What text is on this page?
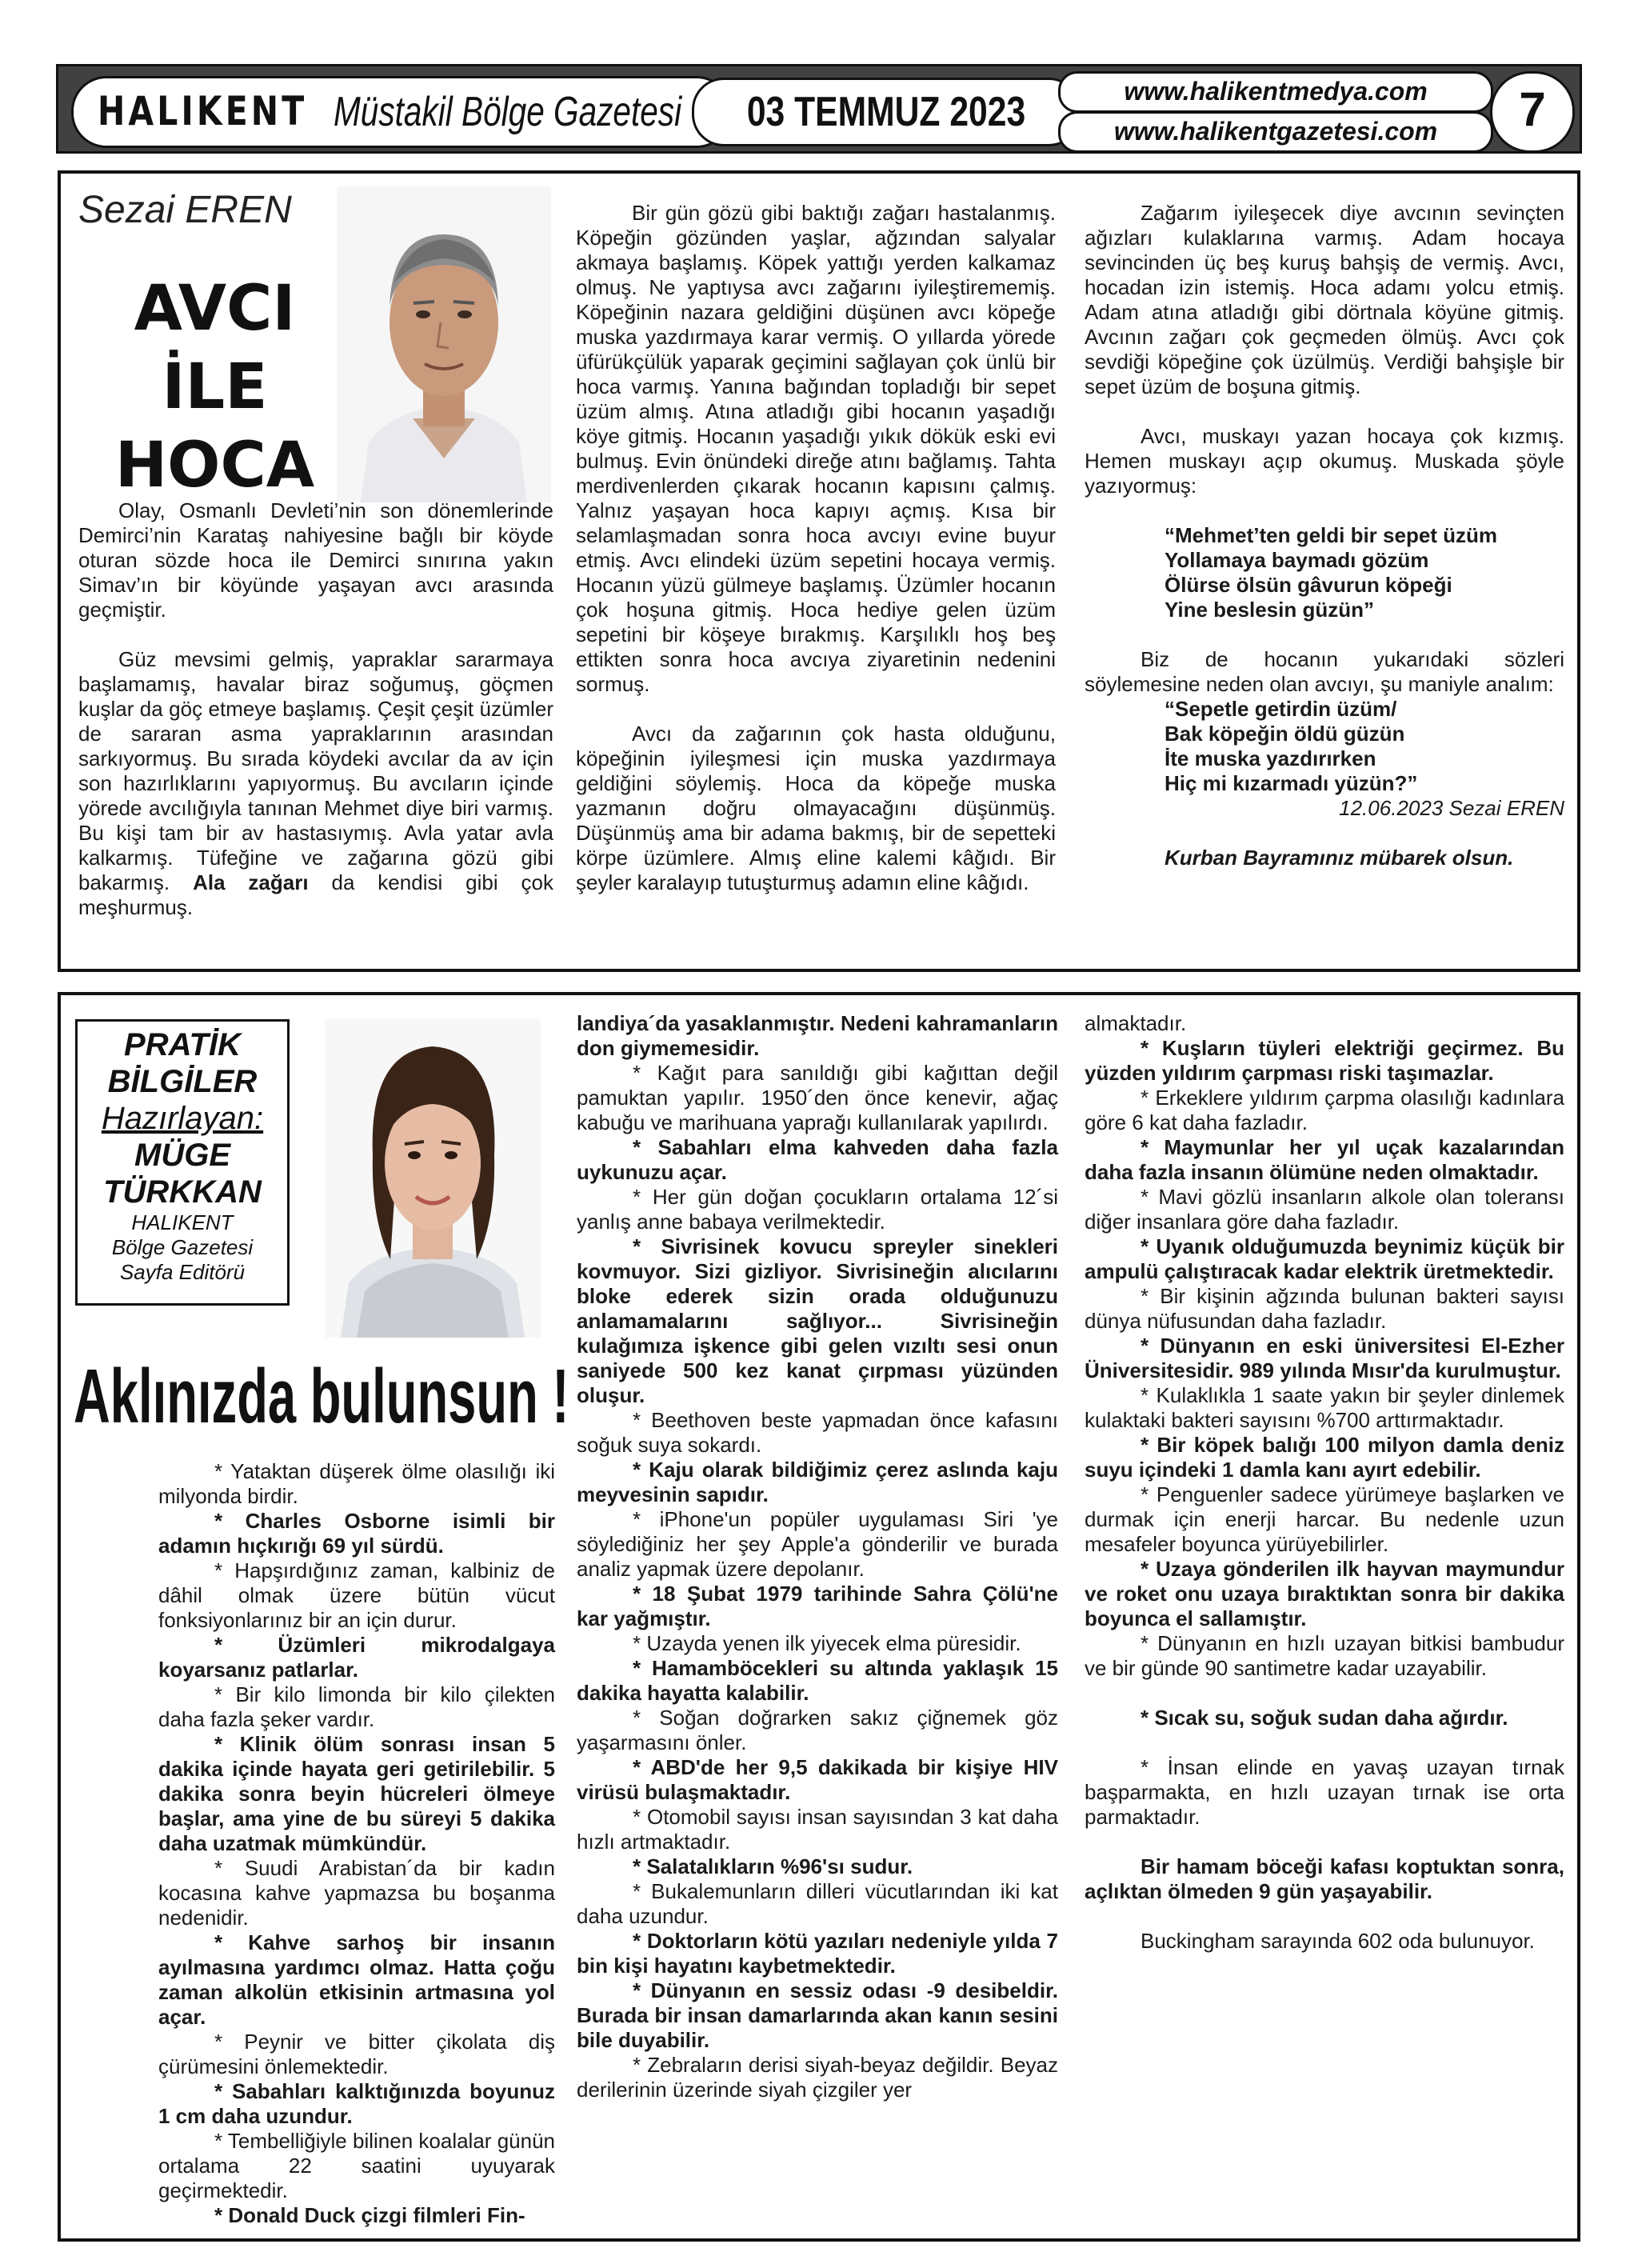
HALIKENT Müstakil Bölge Gazetesi	03 TEMMUZ 2023	www.halikentmedya.com
www.halikentgazetesi.com	7
Sezai EREN
AVCI
İLE
HOCA

Olay, Osmanlı Devleti’nin son dönemlerinde Demirci’nin Karataş nahiyesine bağlı bir köyde oturan sözde hoca ile Demirci sınırına yakın Simav’ın bir köyünde yaşayan avcı arasında geçmiştir.

Güz mevsimi gelmiş, yapraklar sararmaya başlamamış, havalar biraz soğumuş, göçmen kuşlar da göç etmeye başlamış. Çeşit çeşit üzümler de sararan asma yapraklarının arasından sarkıyormuş. Bu sırada köydeki avcılar da av için son hazırlıklarını yapıyormuş. Bu avcıların içinde yörede avcılığıyla tanınan Mehmet diye biri varmış. Bu kişi tam bir av hastasıymış. Avla yatar avla kalkarmış. Tüfeğine ve zağarına gözü gibi bakarmış. Ala zağarı da kendisi gibi çok meşhurmuş.

Bir gün gözü gibi baktığı zağarı hastalanmış. Köpeğin gözünden yaşlar, ağzından salyalar akmaya başlamış. Köpek yattığı yerden kalkamaz olmuş. Ne yaptıysa avcı zağarını iyileştirememiş. Köpeğinin nazara geldiğini düşünen avcı köpeğe muska yazdırmaya karar vermiş. O yıllarda yörede üfürükçülük yaparak geçimini sağlayan çok ünlü bir hoca varmış. Yanına bağından topladığı bir sepet üzüm almış. Atına atladığı gibi hocanın yaşadığı köye gitmiş. Hocanın yaşadığı yıkık dökük eski evi bulmuş. Evin önündeki direğe atını bağlamış. Tahta merdivenlerden çıkarak hocanın kapısını çalmış. Yalnız yaşayan hoca kapıyı açmış. Kısa bir selamlaşmadan sonra hoca avcıyı evine buyur etmiş. Avcı elindeki üzüm sepetini hocaya vermiş. Hocanın yüzü gülmeye başlamış. Üzümler hocanın çok hoşuna gitmiş. Hoca hediye gelen üzüm sepetini bir köşeye bırakmış. Karşılıklı hoş beş ettikten sonra hoca avcıya ziyaretinin nedenini sormuş.

Avcı da zağarının çok hasta olduğunu, köpeğinin iyileşmesi için muska yazdırmaya geldiğini söylemiş. Hoca da köpeğe muska yazmanın doğru olmayacağını düşünmüş. Düşünmüş ama bir adama bakmış, bir de sepetteki körpe üzümlere. Almış eline kalemi kâğıdı. Bir şeyler karalayıp tutuşturmuş adamın eline kâğıdı.

Zağarım iyileşecek diye avcının sevinçten ağızları kulaklarına varmış. Adam hocaya sevincinden üç beş kuruş bahşiş de vermiş. Avcı, hocadan izin istemiş. Hoca adamı yolcu etmiş. Adam atına atladığı gibi dörtnala köyüne gitmiş. Avcının zağarı çok geçmeden ölmüş. Avcı çok sevdiği köpeğine çok üzülmüş. Verdiği bahşişle bir sepet üzüm de boşuna gitmiş.

Avcı, muskayı yazan hocaya çok kızmış. Hemen muskayı açıp okumuş. Muskada şöyle yazıyormuş:

“Mehmet’ten geldi bir sepet üzüm
Yollamaya baymadı gözüm
Ölürse ölsün gâvurun köpeği
Yine beslesin güzün”

Biz de hocanın yukarıdaki sözleri söylemesine neden olan avcıyı, şu maniyle analım:

“Sepetle getirdin üzüm/
Bak köpeğin öldü güzün
İte muska yazdırırken
Hiç mi kızarmadı yüzün?”

12.06.2023 Sezai EREN

Kurban Bayramınız mübarek olsun.

PRATİK
BİLGİLER
Hazırlayan:
MÜGE
TÜRKKAN
HALIKENT
Bölge Gazetesi
Sayfa Editörü
Aklınızda bulunsun !

* Yataktan düşerek ölme olasılığı iki milyonda birdir.

* Charles Osborne isimli bir adamın hıçkırığı 69 yıl sürdü.

* Hapşırdığınız zaman, kalbiniz de dâhil olmak üzere bütün vücut fonksiyonlarınız bir an için durur.

* Üzümleri mikrodalgaya koyarsanız patlarlar.

* Bir kilo limonda bir kilo çilekten daha fazla şeker vardır.

* Klinik ölüm sonrası insan 5 dakika içinde hayata geri getirilebilir. 5 dakika sonra beyin hücreleri ölmeye başlar, ama yine de bu süreyi 5 dakika daha uzatmak mümkündür.

* Suudi Arabistan´da bir kadın kocasına kahve yapmazsa bu boşanma nedenidir.

* Kahve sarhoş bir insanın ayılmasına yardımcı olmaz. Hatta çoğu zaman alkolün etkisinin artmasına yol açar.

* Peynir ve bitter çikolata diş çürümesini önlemektedir.

* Sabahları kalktığınızda boyunuz 1 cm daha uzundur.

* Tembelliğiyle bilinen koalalar günün ortalama 22 saatini uyuyarak geçirmektedir.

* Donald Duck çizgi filmleri Fin-

landiya´da yasaklanmıştır. Nedeni kahramanların don giymemesidir.

* Kağıt para sanıldığı gibi kağıttan değil pamuktan yapılır. 1950´den önce kenevir, ağaç kabuğu ve marihuana yaprağı kullanılarak yapılırdı.

* Sabahları elma kahveden daha fazla uykunuzu açar.

* Her gün doğan çocukların ortalama 12´si yanlış anne babaya verilmektedir.

* Sivrisinek kovucu spreyler sinekleri kovmuyor. Sizi gizliyor. Sivrisineğin alıcılarını bloke ederek sizin orada olduğunuzu anlamamalarını sağlıyor... Sivrisineğin kulağımıza işkence gibi gelen vızıltı sesi onun saniyede 500 kez kanat çırpması yüzünden oluşur.

* Beethoven beste yapmadan önce kafasını soğuk suya sokardı.

* Kaju olarak bildiğimiz çerez aslında kaju meyvesinin sapıdır.

* iPhone'un popüler uygulaması Siri 'ye söylediğiniz her şey Apple'a gönderilir ve burada analiz yapmak üzere depolanır.

* 18 Şubat 1979 tarihinde Sahra Çölü'ne kar yağmıştır.

* Uzayda yenen ilk yiyecek elma püresidir.

* Hamamböcekleri su altında yaklaşık 15 dakika hayatta kalabilir.

* Soğan doğrarken sakız çiğnemek göz yaşarmasını önler.

* ABD'de her 9,5 dakikada bir kişiye HIV virüsü bulaşmaktadır.

* Otomobil sayısı insan sayısından 3 kat daha hızlı artmaktadır.

* Salatalıkların %96'sı sudur.

* Bukalemunların dilleri vücutlarından iki kat daha uzundur.

* Doktorların kötü yazıları nedeniyle yılda 7 bin kişi hayatını kaybetmektedir.

* Dünyanın en sessiz odası -9 desibeldir. Burada bir insan damarlarında akan kanın sesini bile duyabilir.

* Zebraların derisi siyah-beyaz değildir. Beyaz derilerinin üzerinde siyah çizgiler yer

almaktadır.

* Kuşların tüyleri elektriği geçirmez. Bu yüzden yıldırım çarpması riski taşımazlar.

* Erkeklere yıldırım çarpma olasılığı kadınlara göre 6 kat daha fazladır.

* Maymunlar her yıl uçak kazalarından daha fazla insanın ölümüne neden olmaktadır.

* Mavi gözlü insanların alkole olan toleransı diğer insanlara göre daha fazladır.

* Uyanık olduğumuzda beynimiz küçük bir ampulü çalıştıracak kadar elektrik üretmektedir.

* Bir kişinin ağzında bulunan bakteri sayısı dünya nüfusundan daha fazladır.

* Dünyanın en eski üniversitesi El-Ezher Üniversitesidir. 989 yılında Mısır'da kurulmuştur.

* Kulaklıkla 1 saate yakın bir şeyler dinlemek kulaktaki bakteri sayısını %700 arttırmaktadır.

* Bir köpek balığı 100 milyon damla deniz suyu içindeki 1 damla kanı ayırt edebilir.

* Penguenler sadece yürümeye başlarken ve durmak için enerji harcar. Bu nedenle uzun mesafeler boyunca yürüyebilirler.

* Uzaya gönderilen ilk hayvan maymundur ve roket onu uzaya bıraktıktan sonra bir dakika boyunca el sallamıştır.

* Dünyanın en hızlı uzayan bitkisi bambudur ve bir günde 90 santimetre kadar uzayabilir.

* Sıcak su, soğuk sudan daha ağırdır.

* İnsan elinde en yavaş uzayan tırnak başparmakta, en hızlı uzayan tırnak ise orta parmaktadır.

Bir hamam böceği kafası koptuktan sonra, açlıktan ölmeden 9 gün yaşayabilir.

Buckingham sarayında 602 oda bulunuyor.
